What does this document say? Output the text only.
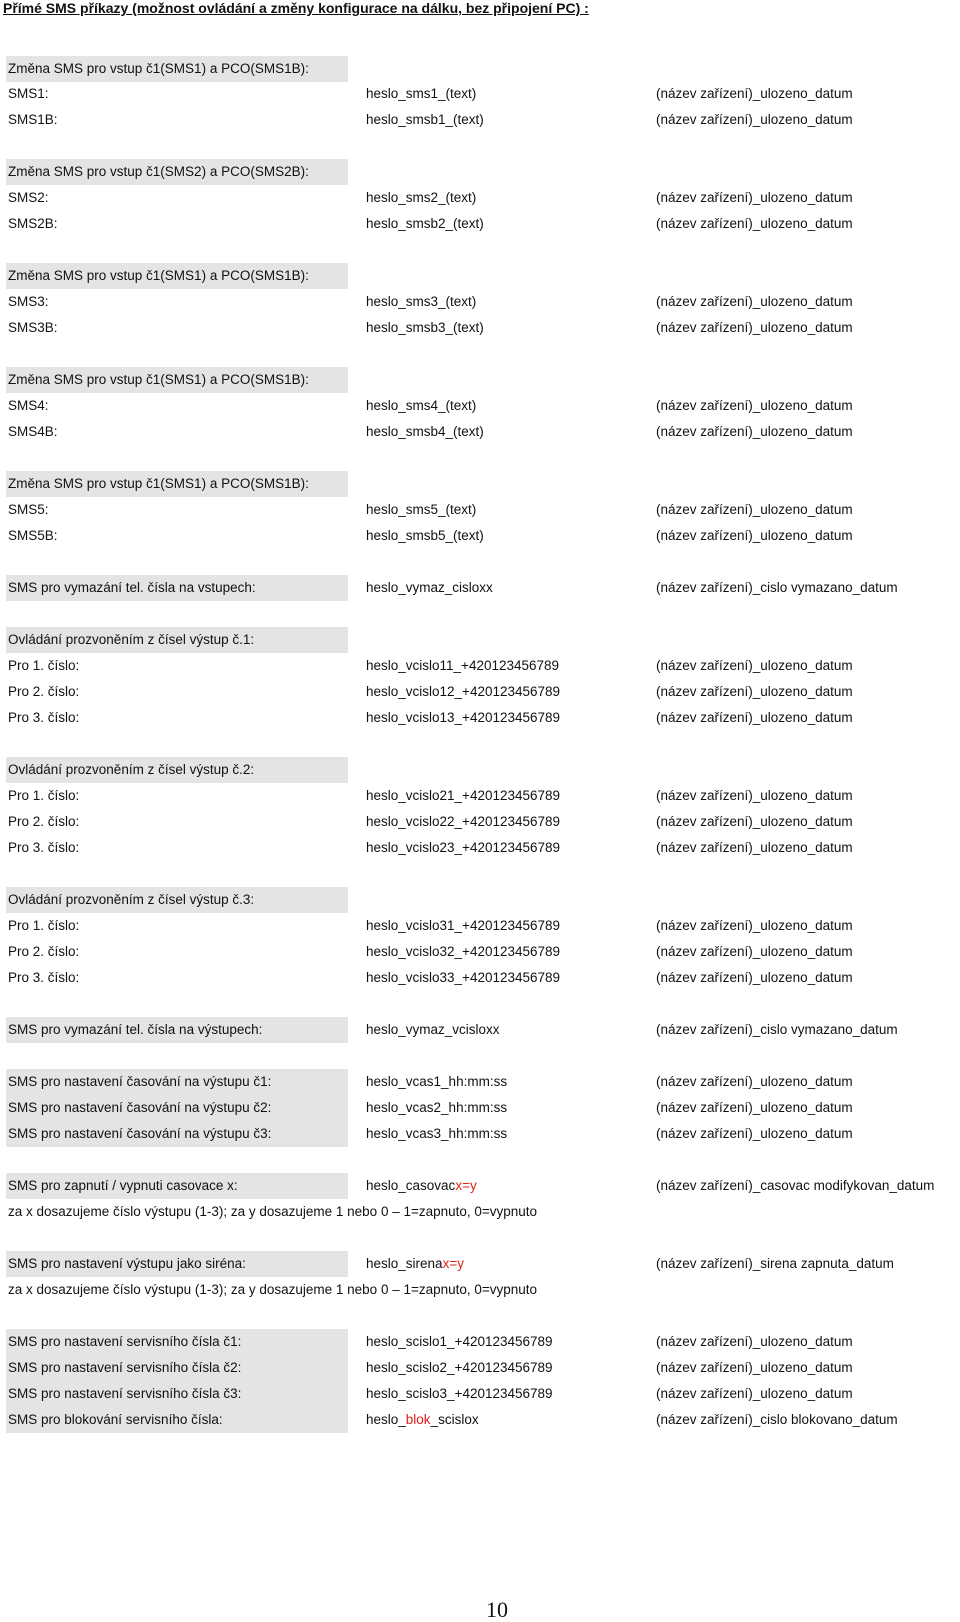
Přímé SMS příkazy (možnost ovládání a změny konfigurace na dálku, bez připojení PC) :
Změna SMS pro vstup č1(SMS1) a PCO(SMS1B):
SMS1:	heslo_sms1_(text)	(název zařízení)_ulozeno_datum
SMS1B:	heslo_smsb1_(text)	(název zařízení)_ulozeno_datum
Změna SMS pro vstup č1(SMS2) a PCO(SMS2B):
SMS2:	heslo_sms2_(text)	(název zařízení)_ulozeno_datum
SMS2B:	heslo_smsb2_(text)	(název zařízení)_ulozeno_datum
Změna SMS pro vstup č1(SMS1) a PCO(SMS1B):
SMS3:	heslo_sms3_(text)	(název zařízení)_ulozeno_datum
SMS3B:	heslo_smsb3_(text)	(název zařízení)_ulozeno_datum
Změna SMS pro vstup č1(SMS1) a PCO(SMS1B):
SMS4:	heslo_sms4_(text)	(název zařízení)_ulozeno_datum
SMS4B:	heslo_smsb4_(text)	(název zařízení)_ulozeno_datum
Změna SMS pro vstup č1(SMS1) a PCO(SMS1B):
SMS5:	heslo_sms5_(text)	(název zařízení)_ulozeno_datum
SMS5B:	heslo_smsb5_(text)	(název zařízení)_ulozeno_datum
SMS pro vymazání tel. čísla na vstupech:	heslo_vymaz_cisloxx	(název zařízení)_cislo vymazano_datum
Ovládání prozvoněním z čísel výstup č.1:
Pro 1. číslo:	heslo_vcislo11_+420123456789	(název zařízení)_ulozeno_datum
Pro 2. číslo:	heslo_vcislo12_+420123456789	(název zařízení)_ulozeno_datum
Pro 3. číslo:	heslo_vcislo13_+420123456789	(název zařízení)_ulozeno_datum
Ovládání prozvoněním z čísel výstup č.2:
Pro 1. číslo:	heslo_vcislo21_+420123456789	(název zařízení)_ulozeno_datum
Pro 2. číslo:	heslo_vcislo22_+420123456789	(název zařízení)_ulozeno_datum
Pro 3. číslo:	heslo_vcislo23_+420123456789	(název zařízení)_ulozeno_datum
Ovládání prozvoněním z čísel výstup č.3:
Pro 1. číslo:	heslo_vcislo31_+420123456789	(název zařízení)_ulozeno_datum
Pro 2. číslo:	heslo_vcislo32_+420123456789	(název zařízení)_ulozeno_datum
Pro 3. číslo:	heslo_vcislo33_+420123456789	(název zařízení)_ulozeno_datum
SMS pro vymazání tel. čísla na výstupech:	heslo_vymaz_vcisloxx	(název zařízení)_cislo vymazano_datum
SMS pro nastavení časování na výstupu č1:	heslo_vcas1_hh:mm:ss	(název zařízení)_ulozeno_datum
SMS pro nastavení časování na výstupu č2:	heslo_vcas2_hh:mm:ss	(název zařízení)_ulozeno_datum
SMS pro nastavení časování na výstupu č3:	heslo_vcas3_hh:mm:ss	(název zařízení)_ulozeno_datum
SMS pro zapnutí / vypnuti casovace x:	heslo_casovacx=y	(název zařízení)_casovac modifykovan_datum
za x dosazujeme číslo výstupu (1-3); za y dosazujeme 1 nebo 0 – 1=zapnuto, 0=vypnuto
SMS pro nastavení výstupu jako siréna:	heslo_sirenax=y	(název zařízení)_sirena zapnuta_datum
za x dosazujeme číslo výstupu (1-3); za y dosazujeme 1 nebo 0 – 1=zapnuto, 0=vypnuto
SMS pro nastavení servisního čísla č1:	heslo_scislo1_+420123456789	(název zařízení)_ulozeno_datum
SMS pro nastavení servisního čísla č2:	heslo_scislo2_+420123456789	(název zařízení)_ulozeno_datum
SMS pro nastavení servisního čísla č3:	heslo_scislo3_+420123456789	(název zařízení)_ulozeno_datum
SMS pro blokování servisního čísla:	heslo_blok_scislox	(název zařízení)_cislo blokovano_datum
10
